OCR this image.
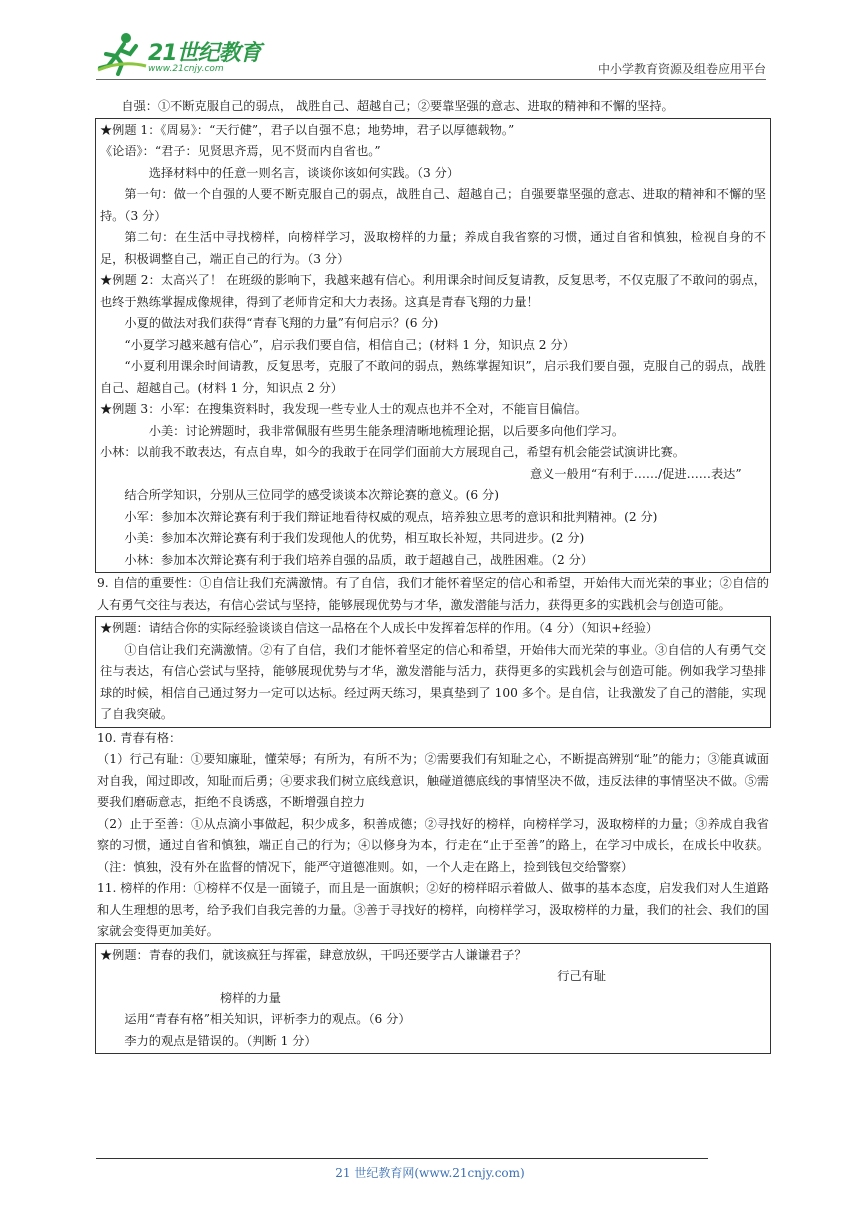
21世纪教育
www.21cnjy.com	中小学教育资源及组卷应用平台
自强：①不断克服自己的弱点， 战胜自己、超越自己；②要靠坚强的意志、进取的精神和不懈的坚持。
★例题 1：《周易》：“天行健”，君子以自强不息；地势坤，君子以厚德载物。”
《论语》：“君子：见贤思齐焉，见不贤而内自省也。”
选择材料中的任意一则名言，谈谈你该如何实践。（3 分）
第一句：做一个自强的人要不断克服自己的弱点，战胜自己、超越自己；自强要靠坚强的意志、进取的精神和不懈的坚持。（3 分）
第二句：在生活中寻找榜样，向榜样学习，汲取榜样的力量；养成自我省察的习惯，通过自省和慎独，检视自身的不足，积极调整自己，端正自己的行为。（3 分）
★例题 2：太高兴了！ 在班级的影响下，我越来越有信心。利用课余时间反复请教，反复思考，不仅克服了不敢问的弱点，也终于熟练掌握成像规律，得到了老师肯定和大力表扬。这真是青春飞翔的力量！
小夏的做法对我们获得“青春飞翔的力量”有何启示？(6 分)
“小夏学习越来越有信心”，启示我们要自信，相信自己；(材料 1 分，知识点 2 分）
“小夏利用课余时间请教，反复思考，克服了不敢问的弱点，熟练掌握知识”，启示我们要自强，克服自己的弱点，战胜自己、超越自己。(材料 1 分，知识点 2 分）
★例题 3：小军：在搜集资料时，我发现一些专业人士的观点也并不全对，不能盲目偏信。
小美：讨论辨题时，我非常佩服有些男生能条理清晰地梳理论据，以后要多向他们学习。
小林：以前我不敢表达，有点自卑，如今的我敢于在同学们面前大方展现自己，希望有机会能尝试演讲比赛。
意义一般用“有利于……/促进……表达”
结合所学知识，分别从三位同学的感受谈谈本次辩论赛的意义。(6 分)
小军：参加本次辩论赛有利于我们辩证地看待权威的观点，培养独立思考的意识和批判精神。(2 分)
小美：参加本次辩论赛有利于我们发现他人的优势，相互取长补短，共同进步。(2 分)
小林：参加本次辩论赛有利于我们培养自强的品质，敢于超越自己，战胜困难。（2 分）
9. 自信的重要性：①自信让我们充满激情。有了自信，我们才能怀着坚定的信心和希望，开始伟大而光荣的事业；②自信的人有勇气交往与表达，有信心尝试与坚持，能够展现优势与才华，激发潜能与活力，获得更多的实践机会与创造可能。
★例题：请结合你的实际经验谈谈自信这一品格在个人成长中发挥着怎样的作用。（4 分）（知识+经验）
①自信让我们充满激情。②有了自信，我们才能怀着坚定的信心和希望，开始伟大而光荣的事业。③自信的人有勇气交往与表达，有信心尝试与坚持，能够展现优势与才华，激发潜能与活力，获得更多的实践机会与创造可能。例如我学习垫排球的时候，相信自己通过努力一定可以达标。经过两天练习，果真垫到了 100 多个。是自信，让我激发了自己的潜能，实现了自我突破。
10. 青春有格：
（1）行己有耻：①要知廉耻，懂荣辱；有所为，有所不为；②需要我们有知耻之心，不断提高辨别“耻”的能力；③能真诚面对自我，闻过即改，知耻而后勇；④要求我们树立底线意识，触碰道德底线的事情坚决不做，违反法律的事情坚决不做。⑤需要我们磨砺意志，拒绝不良诱惑，不断增强自控力
（2）止于至善：①从点滴小事做起，积少成多，积善成德；②寻找好的榜样，向榜样学习，汲取榜样的力量；③养成自我省察的习惯，通过自省和慎独，端正自己的行为；④以修身为本，行走在“止于至善”的路上，在学习中成长，在成长中收获。（注：慎独，没有外在监督的情况下，能严守道德准则。如，一个人走在路上，捡到钱包交给警察）
11. 榜样的作用：①榜样不仅是一面镜子，而且是一面旗帜；②好的榜样昭示着做人、做事的基本态度，启发我们对人生道路和人生理想的思考，给予我们自我完善的力量。③善于寻找好的榜样，向榜样学习，汲取榜样的力量，我们的社会、我们的国家就会变得更加美好。
★例题：青春的我们，就该疯狂与挥霍，肆意放纵，干吗还要学古人谦谦君子？
行己有耻
榜样的力量
运用“青春有格”相关知识，评析李力的观点。（6 分）
李力的观点是错误的。（判断 1 分）
21 世纪教育网(www.21cnjy.com)
